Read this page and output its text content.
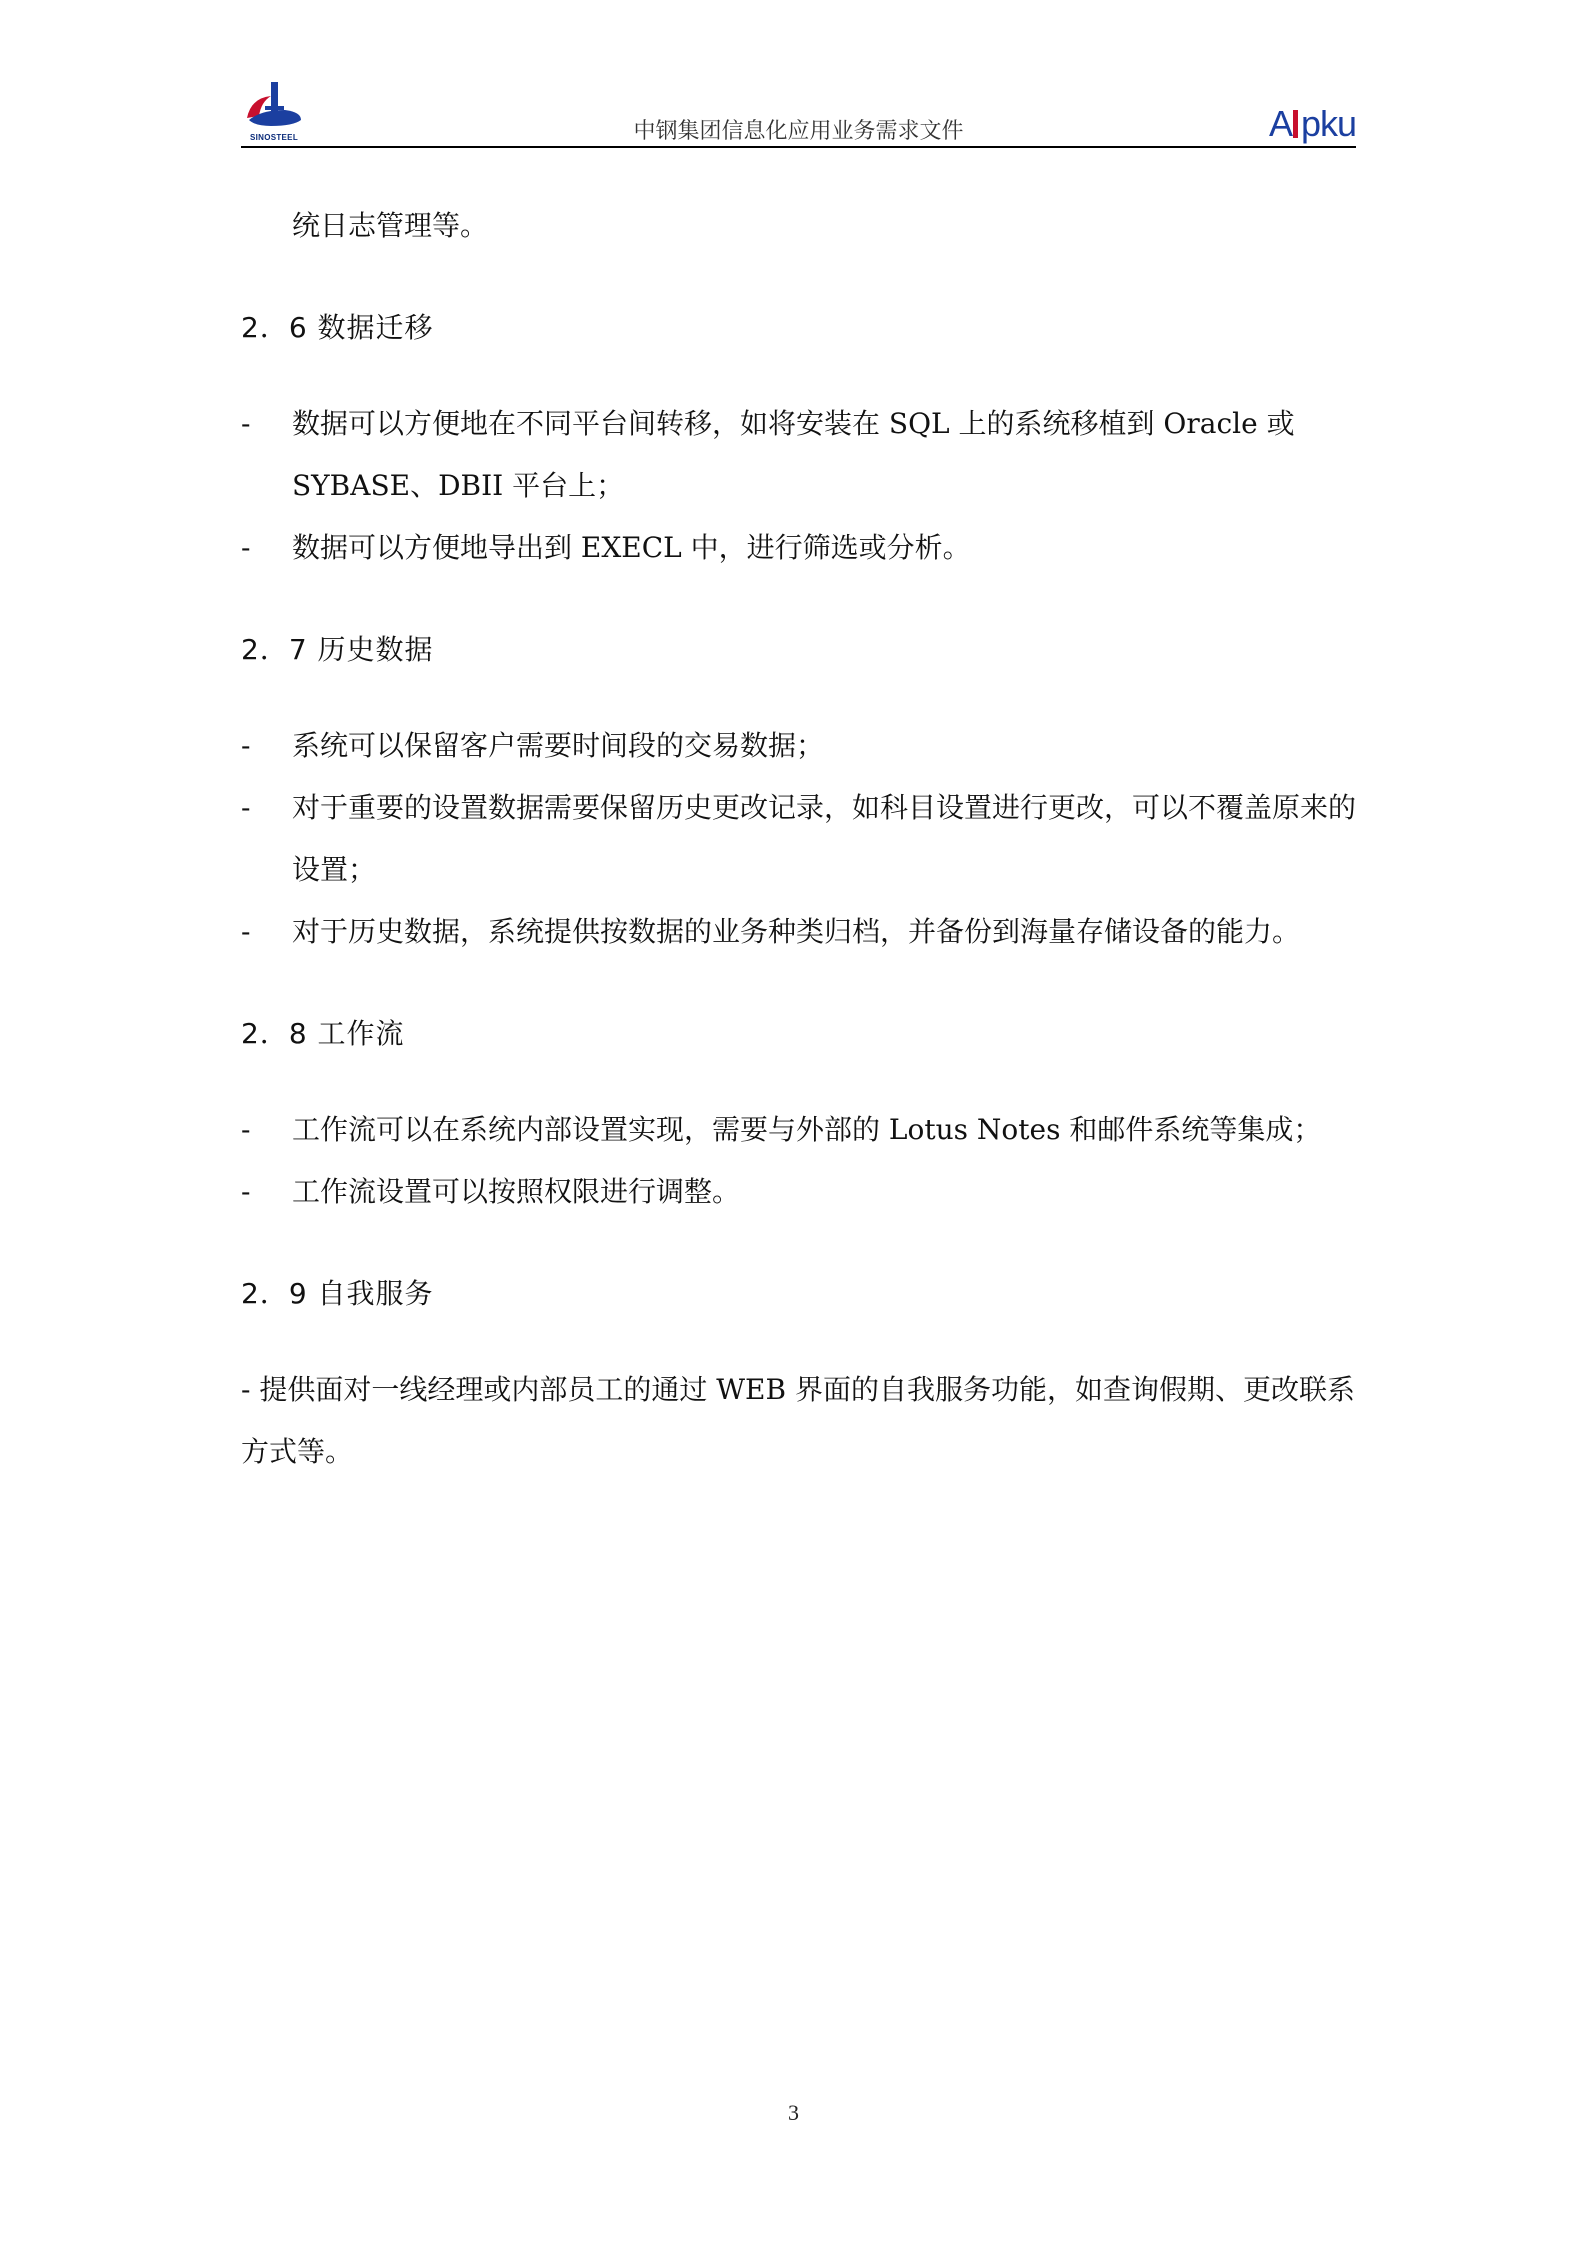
SINOSTEEL	中钢集团信息化应用业务需求文件	A pku

统日志管理等。

2．6 数据迁移

- 数据可以方便地在不同平台间转移，如将安装在 SQL 上的系统移植到 Oracle 或 SYBASE、DBII 平台上；
- 数据可以方便地导出到 EXECL 中，进行筛选或分析。

2．7 历史数据

- 系统可以保留客户需要时间段的交易数据；
- 对于重要的设置数据需要保留历史更改记录，如科目设置进行更改，可以不覆盖原来的设置；
- 对于历史数据，系统提供按数据的业务种类归档，并备份到海量存储设备的能力。

2．8 工作流

- 工作流可以在系统内部设置实现，需要与外部的 Lotus Notes 和邮件系统等集成；
- 工作流设置可以按照权限进行调整。

2．9 自我服务

- 提供面对一线经理或内部员工的通过 WEB 界面的自我服务功能，如查询假期、更改联系方式等。

3
